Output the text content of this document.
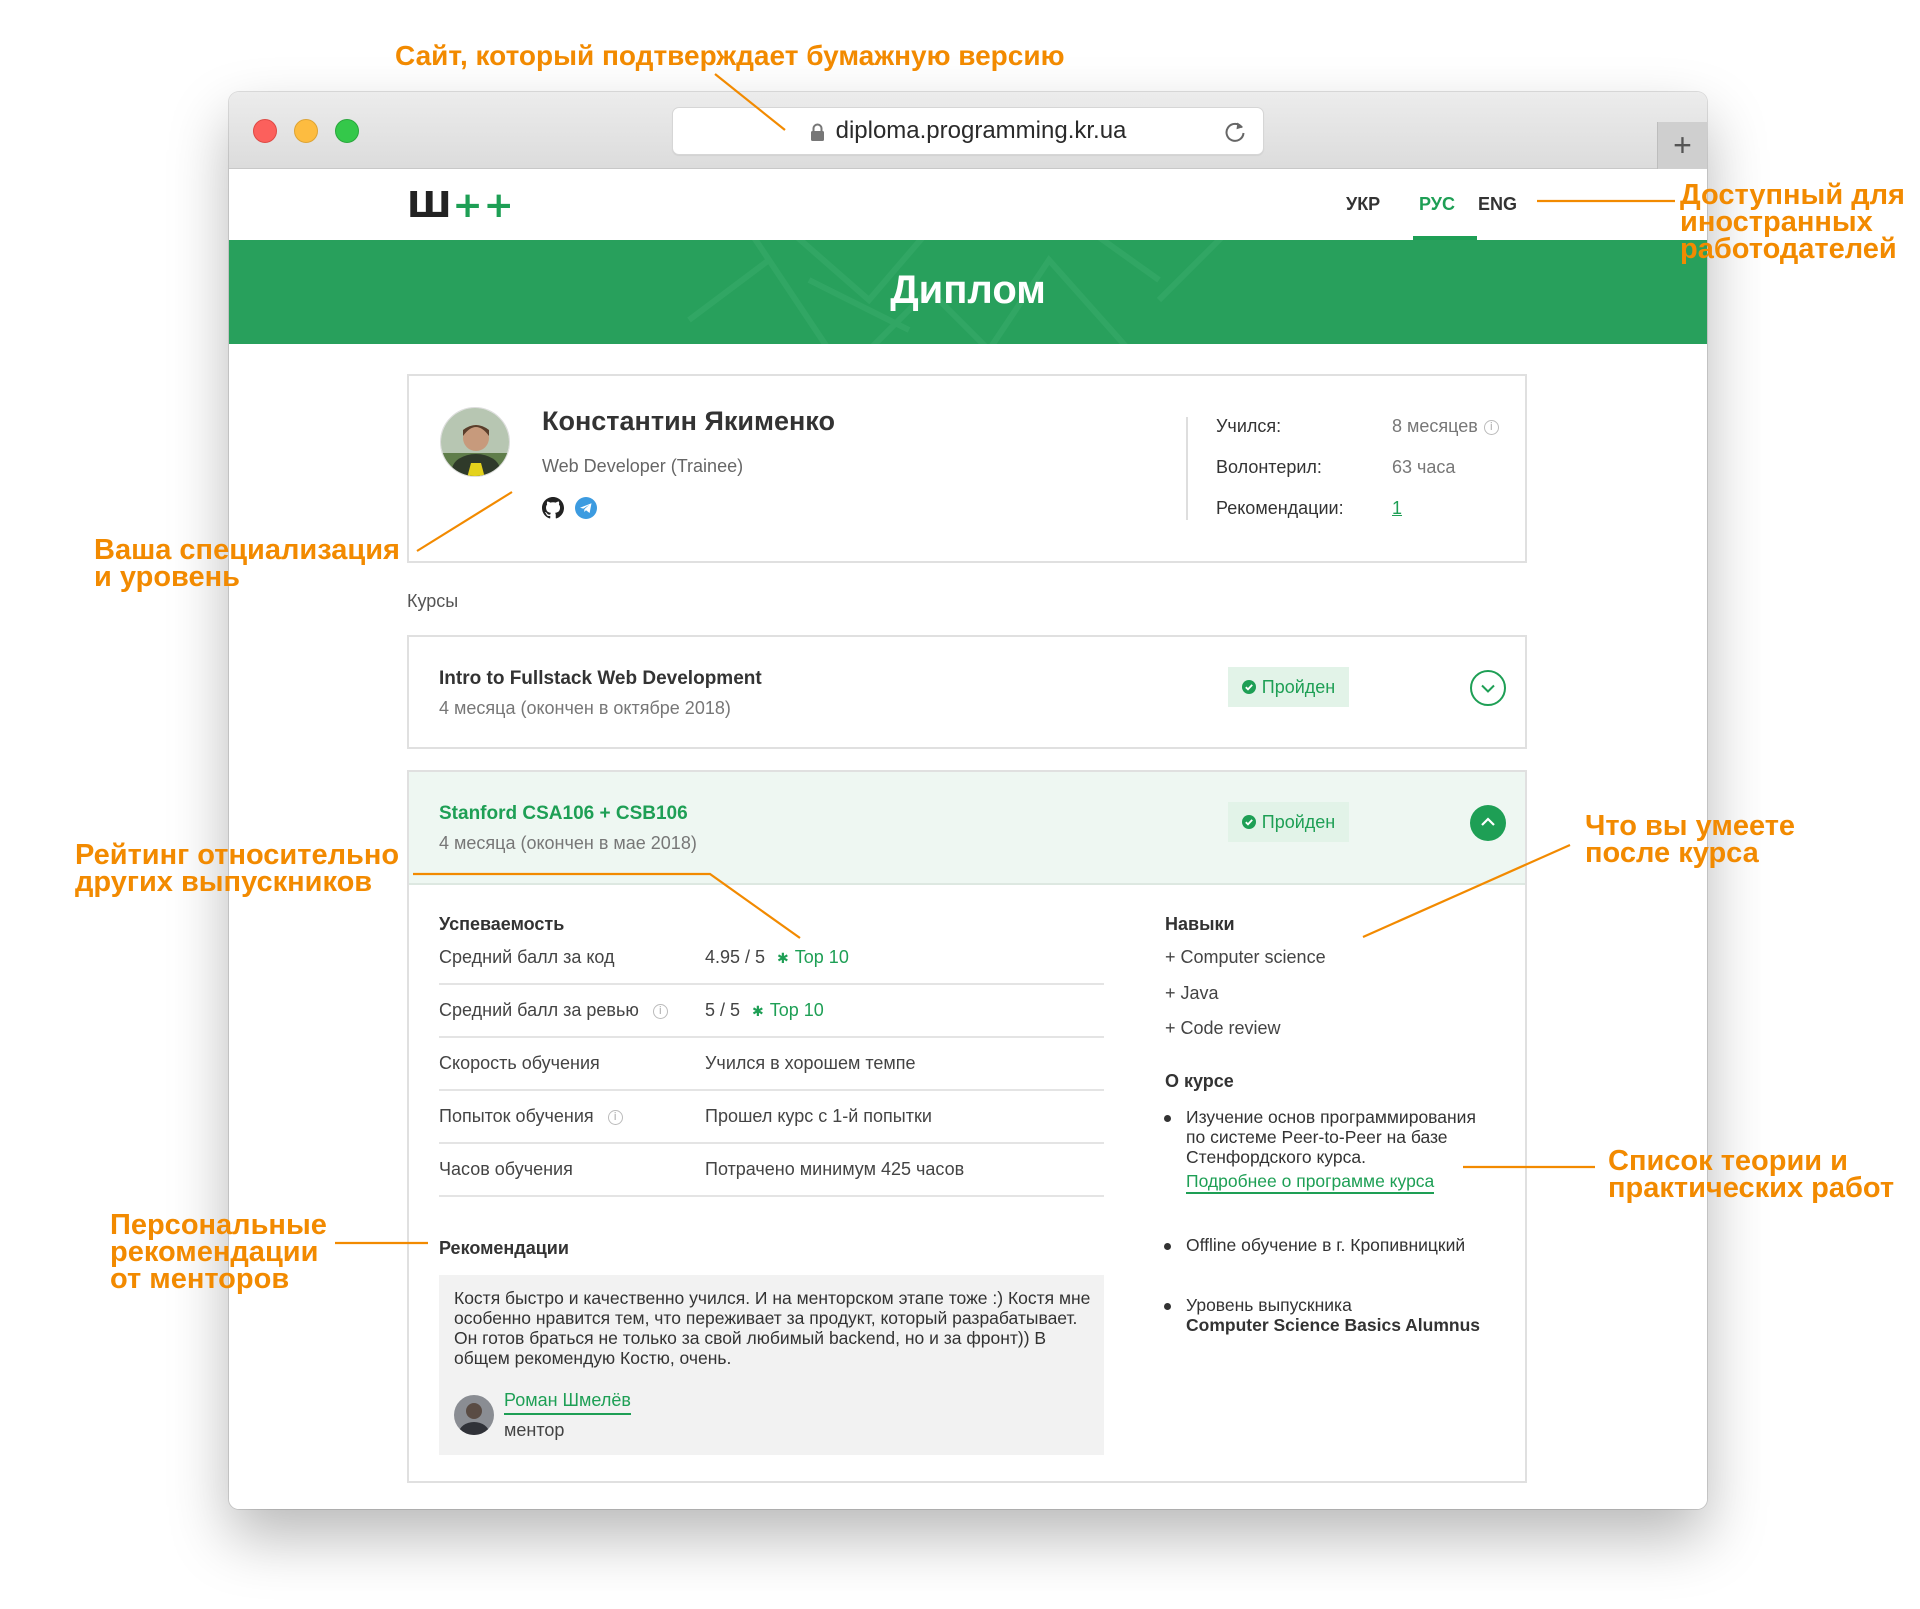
diploma.programming.kr.ua	+
Ш++	УКР РУС ENG
Диплом
Константин Якименко
Web Developer (Trainee)
Учился:	8 месяцев i
Волонтерил:	63 часа
Рекомендации:	1
Курсы
Intro to Fullstack Web Development
4 месяца (окончен в октябре 2018)
Пройден
Stanford CSA106 + CSB106
4 месяца (окончен в мае 2018)
Пройден
Успеваемость
Средний балл за код	4.95 / 5 ✱ Top 10
Средний балл за ревью i	5 / 5 ✱ Top 10
Скорость обучения	Учился в хорошем темпе
Попыток обучения i	Прошел курс с 1-й попытки
Часов обучения	Потрачено минимум 425 часов
Рекомендации
Костя быстро и качественно учился. И на менторском этапе тоже :) Костя мне особенно нравится тем, что переживает за продукт, который разрабатывает. Он готов браться не только за свой любимый backend, но и за фронт)) В общем рекомендую Костю, очень.
Роман Шмелёв
ментор
Навыки
+ Computer science
+ Java
+ Code review
О курсе
Изучение основ программирования по системе Peer-to-Peer на базе Стенфордского курса.
Подробнее о программе курса
Offline обучение в г. Кропивницкий
Уровень выпускника
Computer Science Basics Alumnus
Сайт, который подтверждает бумажную версию
Доступный для
иностранных
работодателей
Ваша специализация
и уровень
Рейтинг относительно
других выпускников
Что вы умеете
после курса
Список теории и
практических работ
Персональные
рекомендации
от менторов
